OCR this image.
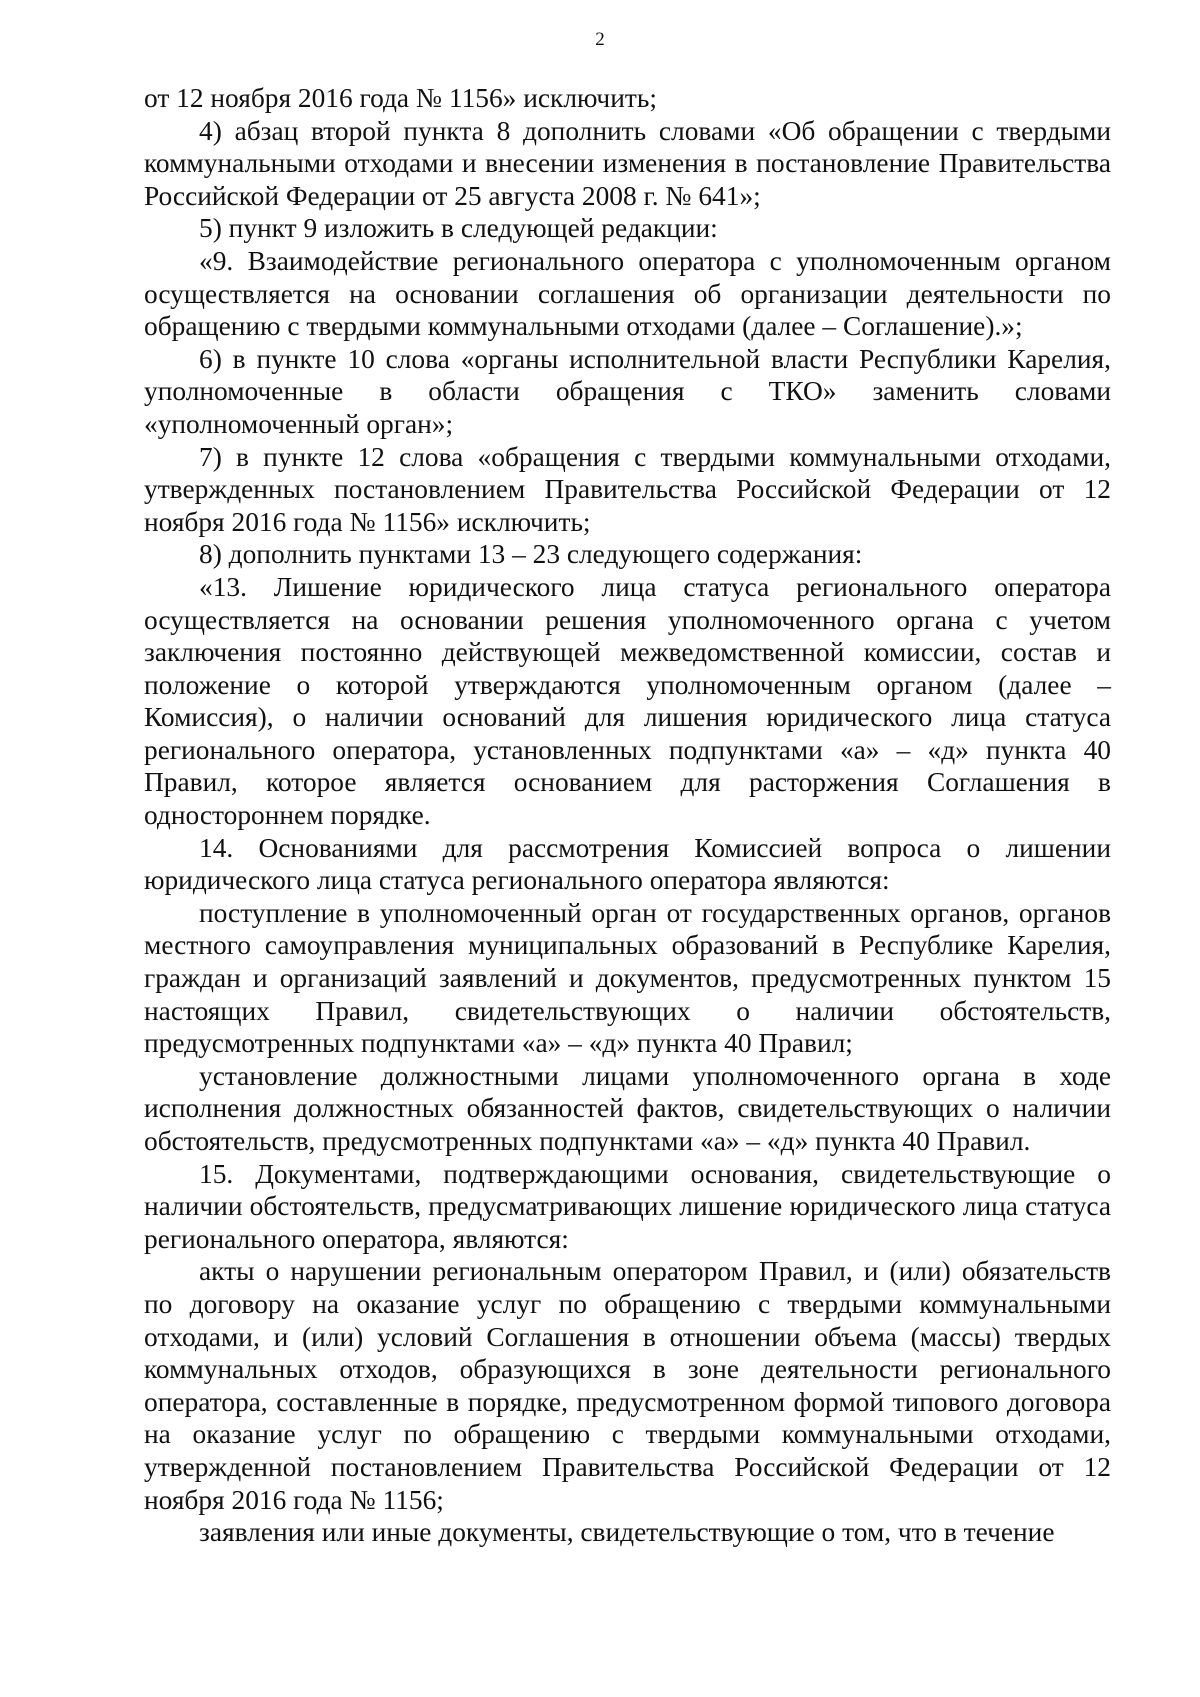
2

от 12 ноября 2016 года № 1156» исключить;

4) абзац второй пункта 8 дополнить словами «Об обращении с твердыми коммунальными отходами и внесении изменения в постановление Правительства Российской Федерации от 25 августа 2008 г. № 641»;

5) пункт 9 изложить в следующей редакции:

«9. Взаимодействие регионального оператора с уполномоченным органом осуществляется на основании соглашения об организации деятельности по обращению с твердыми коммунальными отходами (далее – Соглашение).»;

6) в пункте 10 слова «органы исполнительной власти Республики Карелия, уполномоченные в области обращения с ТКО» заменить словами «уполномоченный орган»;

7) в пункте 12 слова «обращения с твердыми коммунальными отходами, утвержденных постановлением Правительства Российской Федерации от 12 ноября 2016 года № 1156» исключить;

8) дополнить пунктами 13 – 23 следующего содержания:

«13. Лишение юридического лица статуса регионального оператора осуществляется на основании решения уполномоченного органа с учетом заключения постоянно действующей межведомственной комиссии, состав и положение о которой утверждаются уполномоченным органом (далее – Комиссия), о наличии оснований для лишения юридического лица статуса регионального оператора, установленных подпунктами «а» – «д» пункта 40 Правил, которое является основанием для расторжения Соглашения в одностороннем порядке.

14. Основаниями для рассмотрения Комиссией вопроса о лишении юридического лица статуса регионального оператора являются:

поступление в уполномоченный орган от государственных органов, органов местного самоуправления муниципальных образований в Республике Карелия, граждан и организаций заявлений и документов, предусмотренных пунктом 15 настоящих Правил, свидетельствующих о наличии обстоятельств, предусмотренных подпунктами «а» – «д» пункта 40 Правил;

установление должностными лицами уполномоченного органа в ходе исполнения должностных обязанностей фактов, свидетельствующих о наличии обстоятельств, предусмотренных подпунктами «а» – «д» пункта 40 Правил.

15. Документами, подтверждающими основания, свидетельствующие о наличии обстоятельств, предусматривающих лишение юридического лица статуса регионального оператора, являются:

акты о нарушении региональным оператором Правил, и (или) обязательств по договору на оказание услуг по обращению с твердыми коммунальными отходами, и (или) условий Соглашения в отношении объема (массы) твердых коммунальных отходов, образующихся в зоне деятельности регионального оператора, составленные в порядке, предусмотренном формой типового договора на оказание услуг по обращению с твердыми коммунальными отходами, утвержденной постановлением Правительства Российской Федерации от 12 ноября 2016 года № 1156;

заявления или иные документы, свидетельствующие о том, что в течение
